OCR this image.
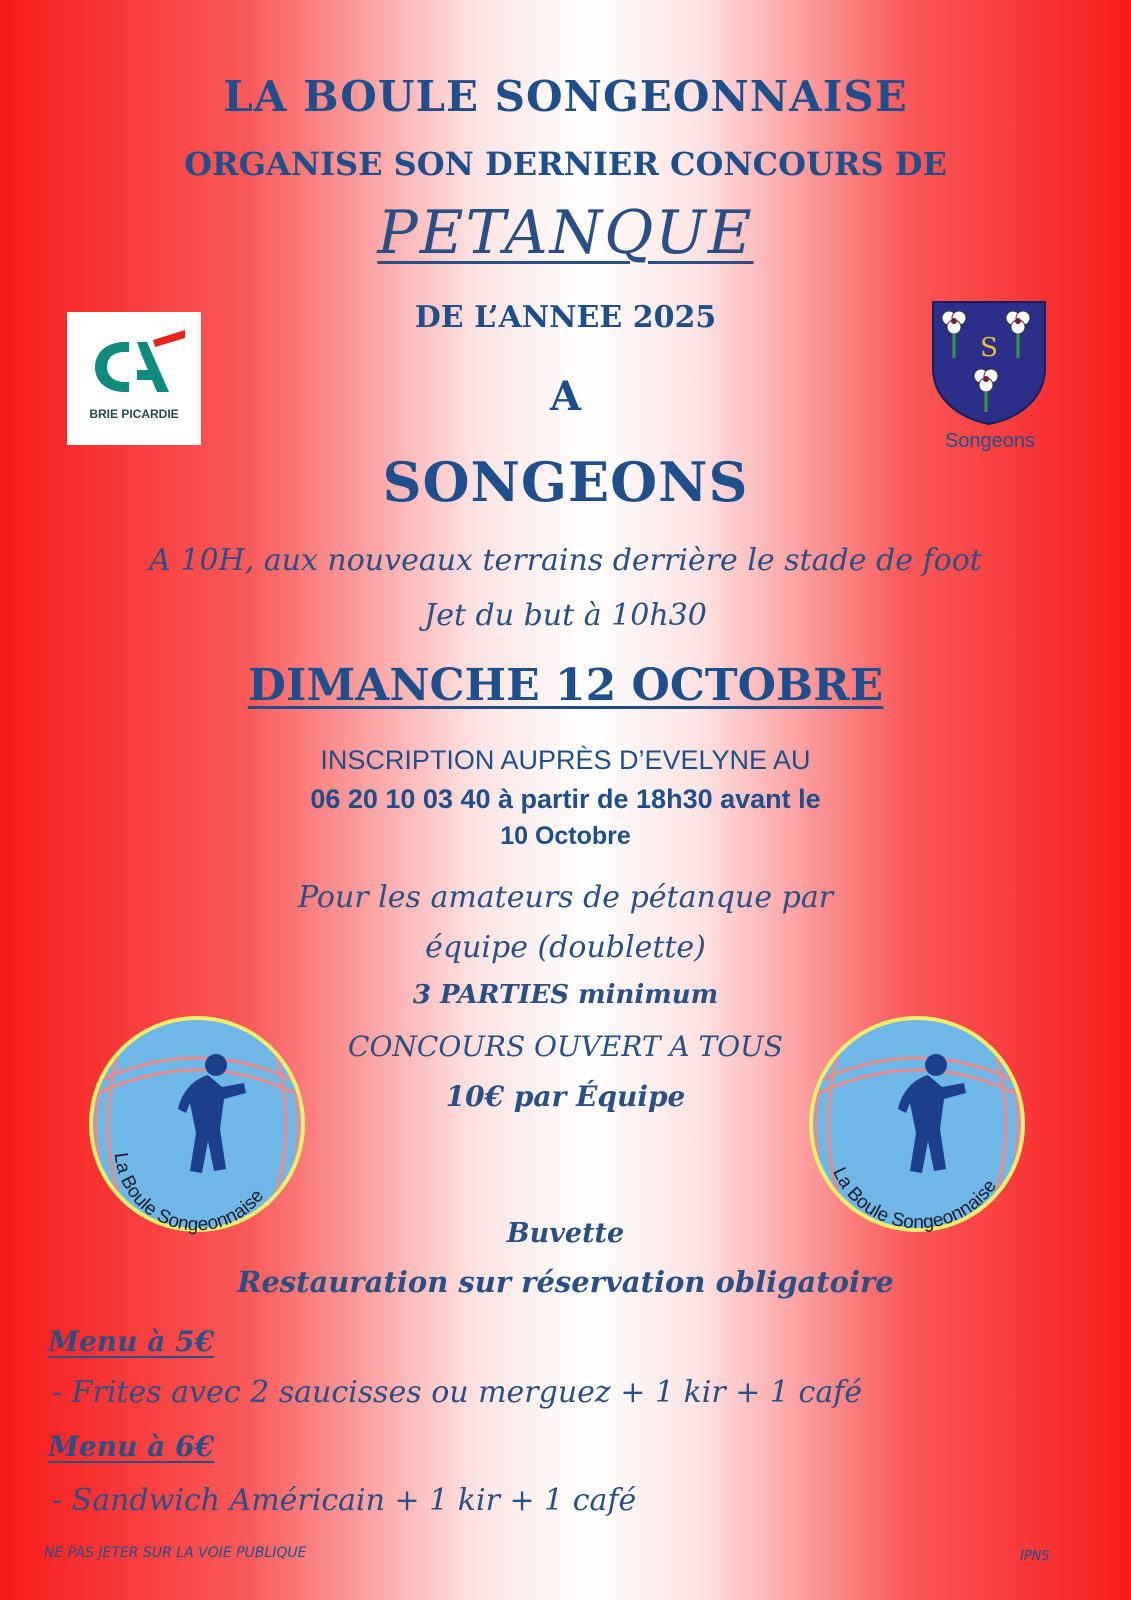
LA BOULE SONGEONNAISE
ORGANISE SON DERNIER CONCOURS DE
PETANQUE
DE L’ANNEE 2025
A
SONGEONS
BRIE PICARDIE
S
Songeons
A 10H, aux nouveaux terrains derrière le stade de foot
Jet du but à 10h30
DIMANCHE 12 OCTOBRE
INSCRIPTION AUPRÈS D’EVELYNE AU
06 20 10 03 40 à partir de 18h30 avant le
10 Octobre
Pour les amateurs de pétanque par
équipe (doublette)
3 PARTIES minimum
CONCOURS OUVERT A TOUS
10€ par Équipe
La Boule Songeonnaise
La Boule Songeonnaise
Buvette
Restauration sur réservation obligatoire
Menu à 5€
- Frites avec 2 saucisses ou merguez + 1 kir + 1 café
Menu à 6€
- Sandwich Américain + 1 kir + 1 café
NE PAS JETER SUR LA VOIE PUBLIQUE	IPNS
